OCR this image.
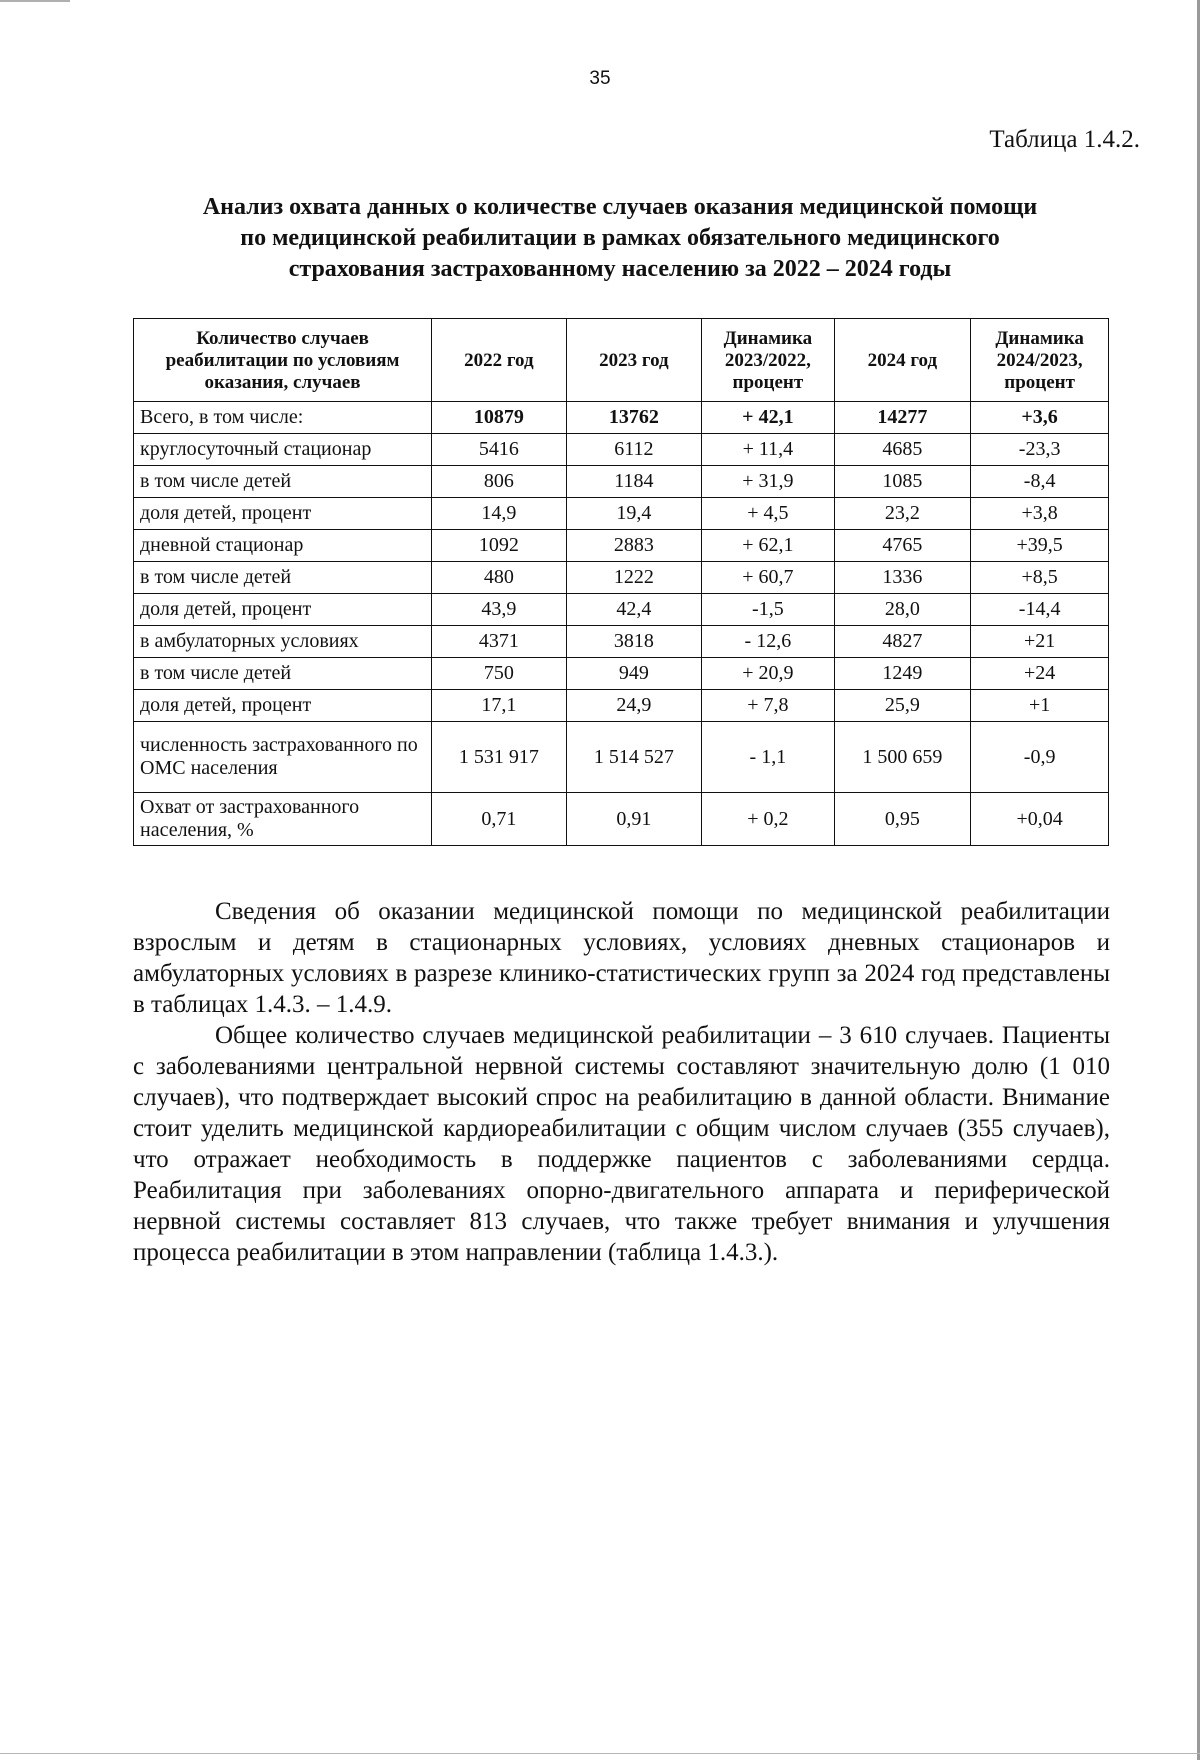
35
Таблица 1.4.2.
Анализ охвата данных о количестве случаев оказания медицинской помощи
по медицинской реабилитации в рамках обязательного медицинского
страхования застрахованному населению за 2022 – 2024 годы
Количество случаев реабилитации по условиям оказания, случаев	2022 год	2023 год	Динамика 2023/2022, процент	2024 год	Динамика 2024/2023, процент
Всего, в том числе:	10879	13762	+ 42,1	14277	+3,6
круглосуточный стационар	5416	6112	+ 11,4	4685	-23,3
в том числе детей	806	1184	+ 31,9	1085	-8,4
доля детей, процент	14,9	19,4	+ 4,5	23,2	+3,8
дневной стационар	1092	2883	+ 62,1	4765	+39,5
в том числе детей	480	1222	+ 60,7	1336	+8,5
доля детей, процент	43,9	42,4	-1,5	28,0	-14,4
в амбулаторных условиях	4371	3818	- 12,6	4827	+21
в том числе детей	750	949	+ 20,9	1249	+24
доля детей, процент	17,1	24,9	+ 7,8	25,9	+1
численность застрахованного по ОМС населения	1 531 917	1 514 527	- 1,1	1 500 659	-0,9
Охват от застрахованного населения, %	0,71	0,91	+ 0,2	0,95	+0,04

Сведения об оказании медицинской помощи по медицинской реабилитации взрослым и детям в стационарных условиях, условиях дневных стационаров и амбулаторных условиях в разрезе клинико-статистических групп за 2024 год представлены в таблицах 1.4.3. – 1.4.9.

Общее количество случаев медицинской реабилитации – 3 610 случаев. Пациенты с заболеваниями центральной нервной системы составляют значительную долю (1 010 случаев), что подтверждает высокий спрос на реабилитацию в данной области. Внимание стоит уделить медицинской кардиореабилитации с общим числом случаев (355 случаев), что отражает необходимость в поддержке пациентов с заболеваниями сердца. Реабилитация при заболеваниях опорно-двигательного аппарата и периферической нервной системы составляет 813 случаев, что также требует внимания и улучшения процесса реабилитации в этом направлении (таблица 1.4.3.).
